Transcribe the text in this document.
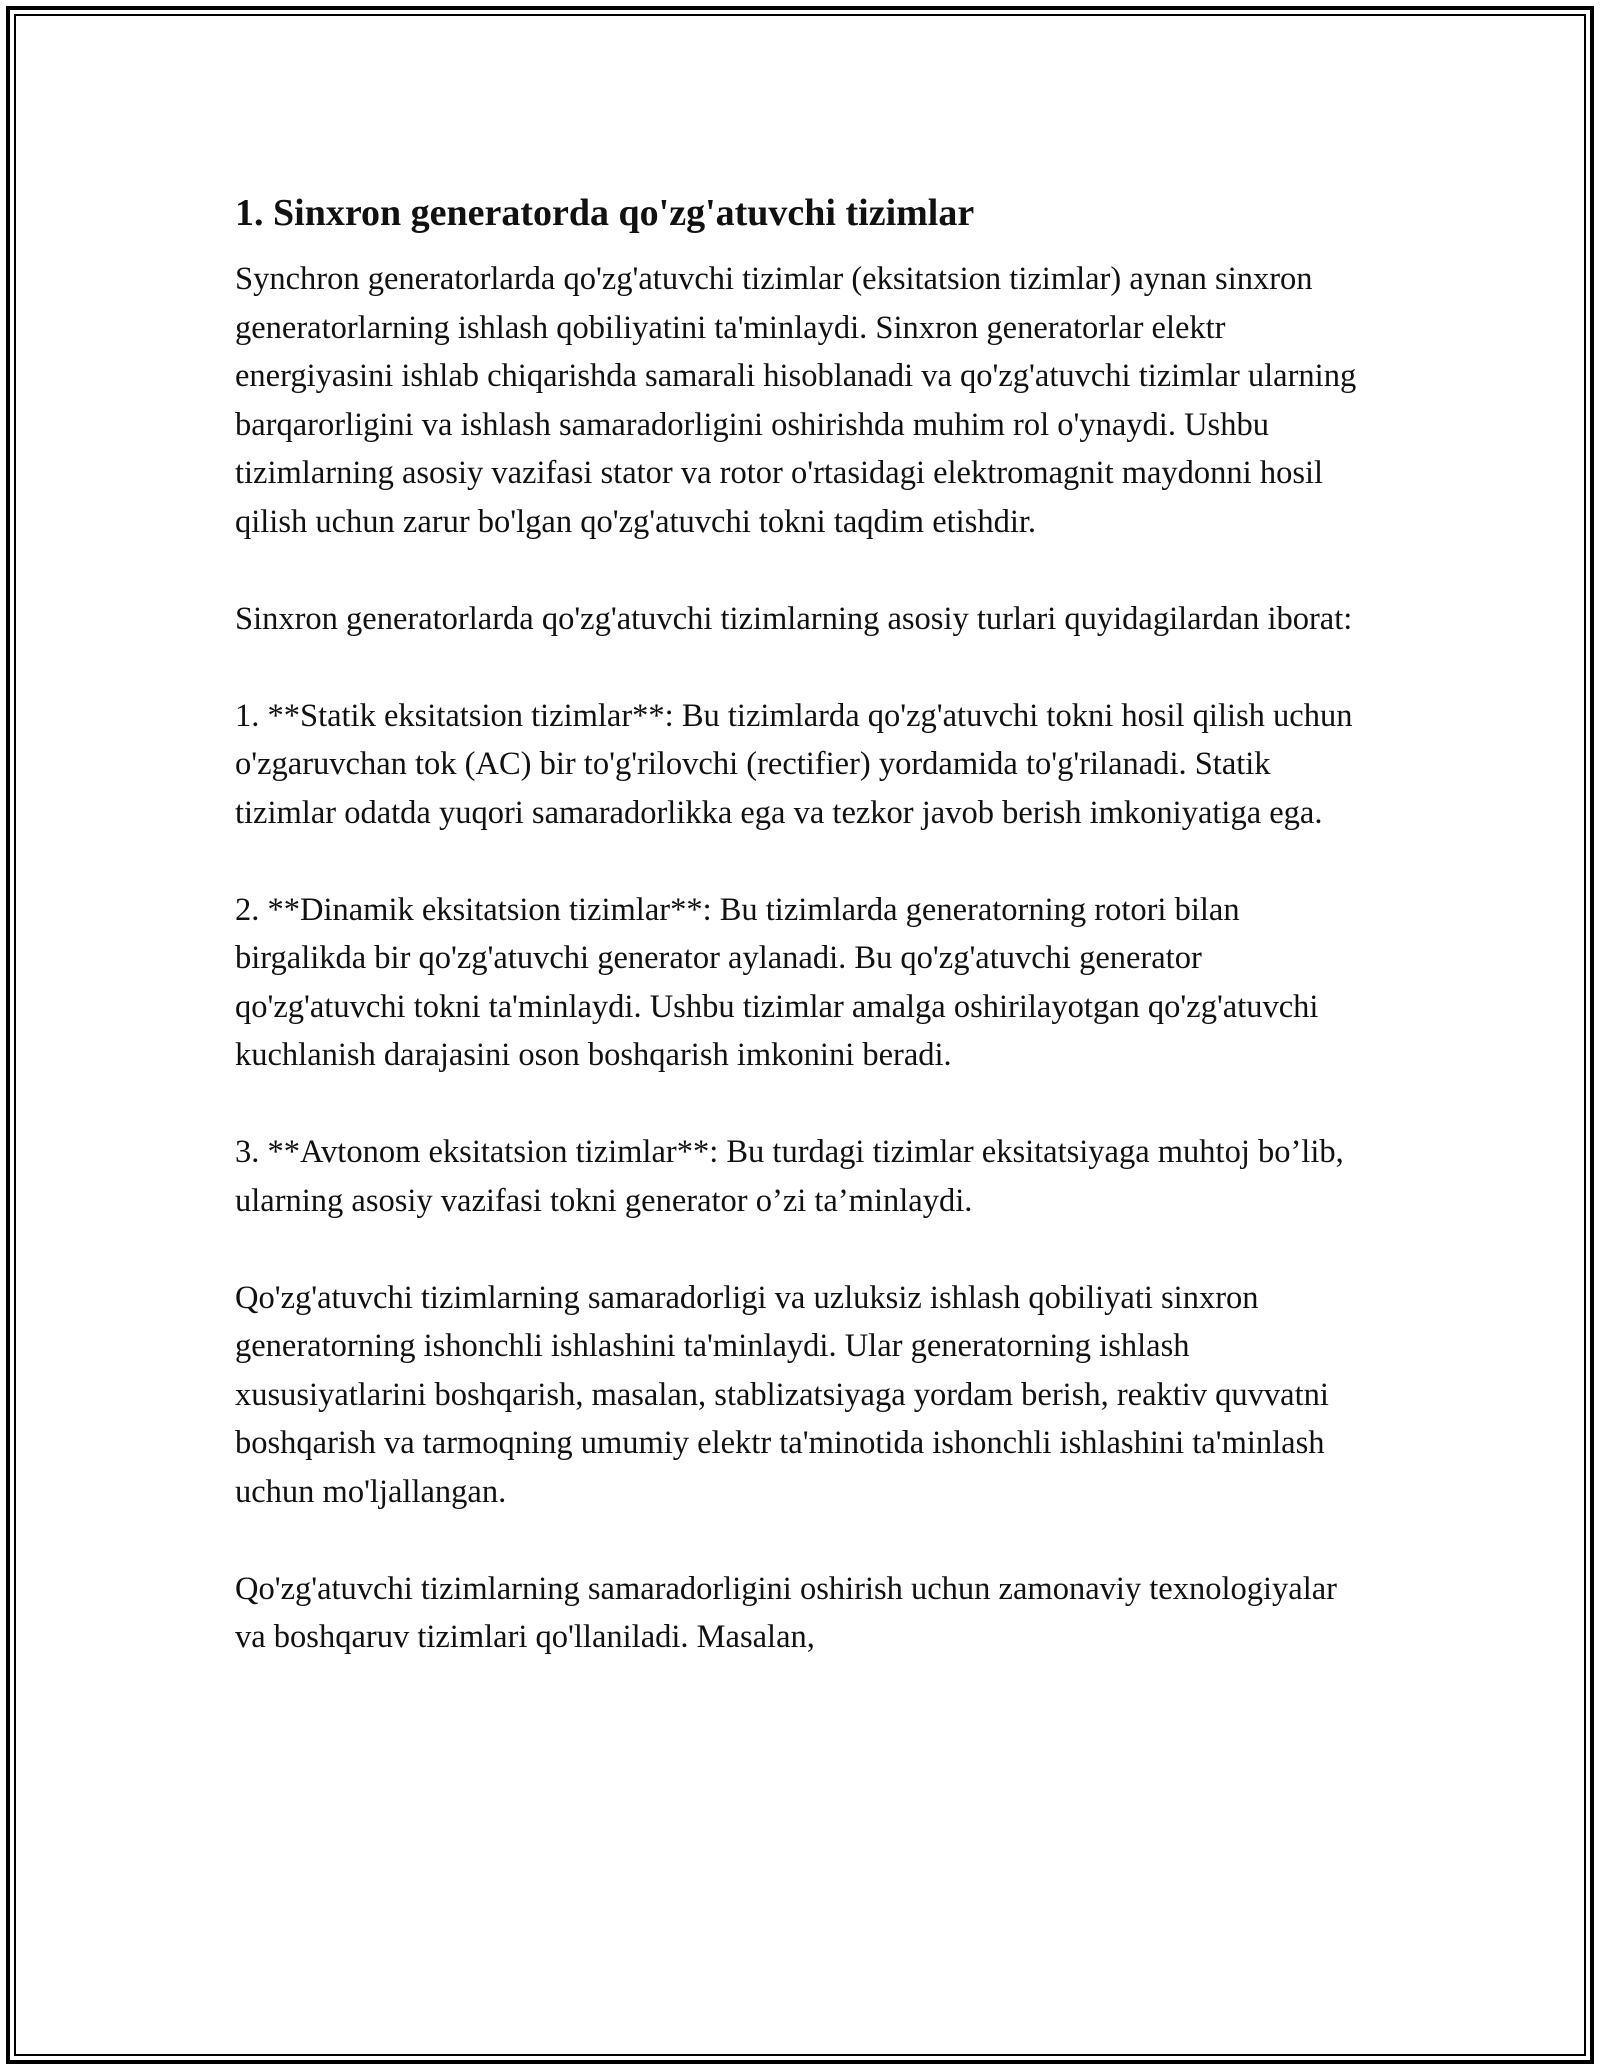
1. Sinxron generatorda qo'zg'atuvchi tizimlar

Synchron generatorlarda qo'zg'atuvchi tizimlar (eksitatsion tizimlar) aynan sinxron generatorlarning ishlash qobiliyatini ta'minlaydi. Sinxron generatorlar elektr energiyasini ishlab chiqarishda samarali hisoblanadi va qo'zg'atuvchi tizimlar ularning barqarorligini va ishlash samaradorligini oshirishda muhim rol o'ynaydi. Ushbu tizimlarning asosiy vazifasi stator va rotor o'rtasidagi elektromagnit maydonni hosil qilish uchun zarur bo'lgan qo'zg'atuvchi tokni taqdim etishdir.

Sinxron generatorlarda qo'zg'atuvchi tizimlarning asosiy turlari quyidagilardan iborat:

1. **Statik eksitatsion tizimlar**: Bu tizimlarda qo'zg'atuvchi tokni hosil qilish uchun o'zgaruvchan tok (AC) bir to'g'rilovchi (rectifier) yordamida to'g'rilanadi. Statik tizimlar odatda yuqori samaradorlikka ega va tezkor javob berish imkoniyatiga ega.

2. **Dinamik eksitatsion tizimlar**: Bu tizimlarda generatorning rotori bilan birgalikda bir qo'zg'atuvchi generator aylanadi. Bu qo'zg'atuvchi generator qo'zg'atuvchi tokni ta'minlaydi. Ushbu tizimlar amalga oshirilayotgan qo'zg'atuvchi kuchlanish darajasini oson boshqarish imkonini beradi.

3. **Avtonom eksitatsion tizimlar**: Bu turdagi tizimlar eksitatsiyaga muhtoj bo’lib, ularning asosiy vazifasi tokni generator o’zi ta’minlaydi.

Qo'zg'atuvchi tizimlarning samaradorligi va uzluksiz ishlash qobiliyati sinxron generatorning ishonchli ishlashini ta'minlaydi. Ular generatorning ishlash xususiyatlarini boshqarish, masalan, stablizatsiyaga yordam berish, reaktiv quvvatni boshqarish va tarmoqning umumiy elektr ta'minotida ishonchli ishlashini ta'minlash uchun mo'ljallangan.

Qo'zg'atuvchi tizimlarning samaradorligini oshirish uchun zamonaviy texnologiyalar va boshqaruv tizimlari qo'llaniladi. Masalan,
